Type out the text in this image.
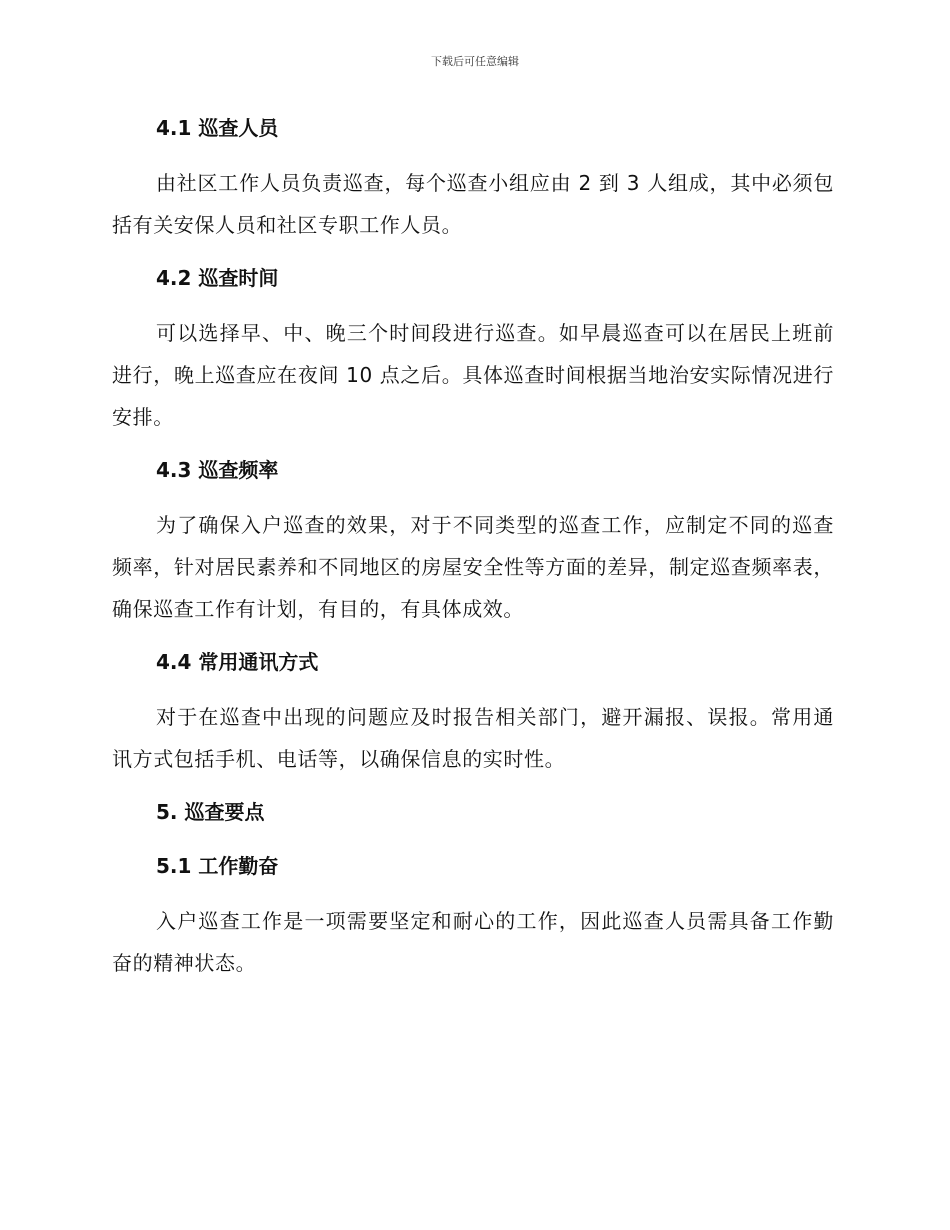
下载后可任意编辑
4.1 巡查人员

由社区工作人员负责巡查，每个巡查小组应由 2 到 3 人组成，其中必须包括有关安保人员和社区专职工作人员。

4.2 巡查时间

可以选择早、中、晚三个时间段进行巡查。如早晨巡查可以在居民上班前进行，晚上巡查应在夜间 10 点之后。具体巡查时间根据当地治安实际情况进行安排。

4.3 巡查频率

为了确保入户巡查的效果，对于不同类型的巡查工作，应制定不同的巡查频率，针对居民素养和不同地区的房屋安全性等方面的差异，制定巡查频率表，确保巡查工作有计划，有目的，有具体成效。

4.4 常用通讯方式

对于在巡查中出现的问题应及时报告相关部门，避开漏报、误报。常用通讯方式包括手机、电话等，以确保信息的实时性。

5. 巡查要点
5.1 工作勤奋

入户巡查工作是一项需要坚定和耐心的工作，因此巡查人员需具备工作勤奋的精神状态。
